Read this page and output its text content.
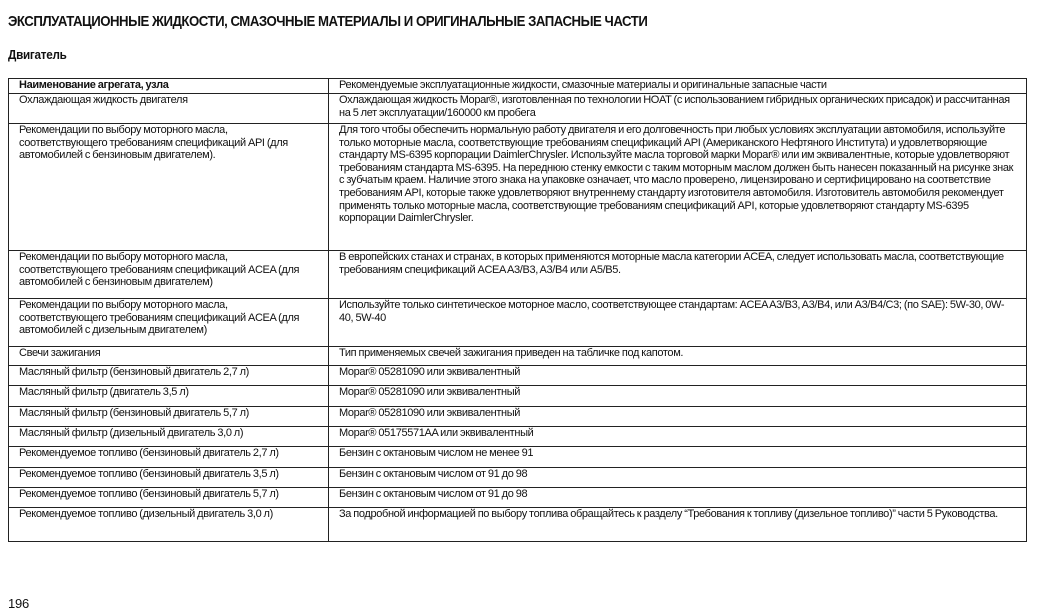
ЭКСПЛУАТАЦИОННЫЕ ЖИДКОСТИ, СМАЗОЧНЫЕ МАТЕРИАЛЫ И ОРИГИНАЛЬНЫЕ ЗАПАСНЫЕ ЧАСТИ
Двигатель
Наименование агрегата, узла	Рекомендуемые эксплуатационные жидкости, смазочные материалы и оригинальные запасные части
Охлаждающая жидкость двигателя	Охлаждающая жидкость Mopar®, изготовленная по технологии HOAT (с использованием гибридных органических присадок) и рассчитанная на 5 лет эксплуатации/160000 км пробега
Рекомендации по выбору моторного масла, соответствующего требованиям спецификаций API (для автомобилей с бензиновым двигателем).	Для того чтобы обеспечить нормальную работу двигателя и его долговечность при любых условиях эксплуатации автомобиля, используйте только моторные масла, соответствующие требованиям спецификаций API (Американского Нефтяного Института) и удовлетворяющие стандарту MS-6395 корпорации DaimlerChrysler. Используйте масла торговой марки Mopar® или им эквивалентные, которые удовлетворяют требованиям стандарта MS-6395. На переднюю стенку емкости с таким моторным маслом должен быть нанесен показанный на рисунке знак с зубчатым краем. Наличие этого знака на упаковке означает, что масло проверено, лицензировано и сертифицировано на соответствие требованиям API, которые также удовлетворяют внутреннему стандарту изготовителя автомобиля. Изготовитель автомобиля рекомендует применять только моторные масла, соответствующие требованиям спецификаций API, которые удовлетворяют стандарту MS-6395 корпорации DaimlerChrysler.
Рекомендации по выбору моторного масла, соответствующего требованиям спецификаций ACEA (для автомобилей с бензиновым двигателем)	В европейских станах и странах, в которых применяются моторные масла категории ACEA, следует использовать масла, соответствующие требованиям спецификаций ACEA A3/B3, A3/B4 или A5/B5.
Рекомендации по выбору моторного масла, соответствующего требованиям спецификаций ACEA (для автомобилей с дизельным двигателем)	Используйте только синтетическое моторное масло, соответствующее стандартам: ACEA A3/B3, A3/B4, или A3/B4/C3; (по SAE): 5W-30, 0W-40, 5W-40
Свечи зажигания	Тип применяемых свечей зажигания приведен на табличке под капотом.
Масляный фильтр (бензиновый двигатель 2,7 л)	Mopar® 05281090 или эквивалентный
Масляный фильтр (двигатель 3,5 л)	Mopar® 05281090 или эквивалентный
Масляный фильтр (бензиновый двигатель 5,7 л)	Mopar® 05281090 или эквивалентный
Масляный фильтр (дизельный двигатель 3,0 л)	Mopar® 05175571AA или эквивалентный
Рекомендуемое топливо (бензиновый двигатель 2,7 л)	Бензин с октановым числом не менее 91
Рекомендуемое топливо (бензиновый двигатель 3,5 л)	Бензин с октановым числом от 91 до 98
Рекомендуемое топливо (бензиновый двигатель 5,7 л)	Бензин с октановым числом от 91 до 98
Рекомендуемое топливо (дизельный двигатель 3,0 л)	За подробной информацией по выбору топлива обращайтесь к разделу “Требования к топливу (дизельное топливо)” части 5 Руководства.
196
